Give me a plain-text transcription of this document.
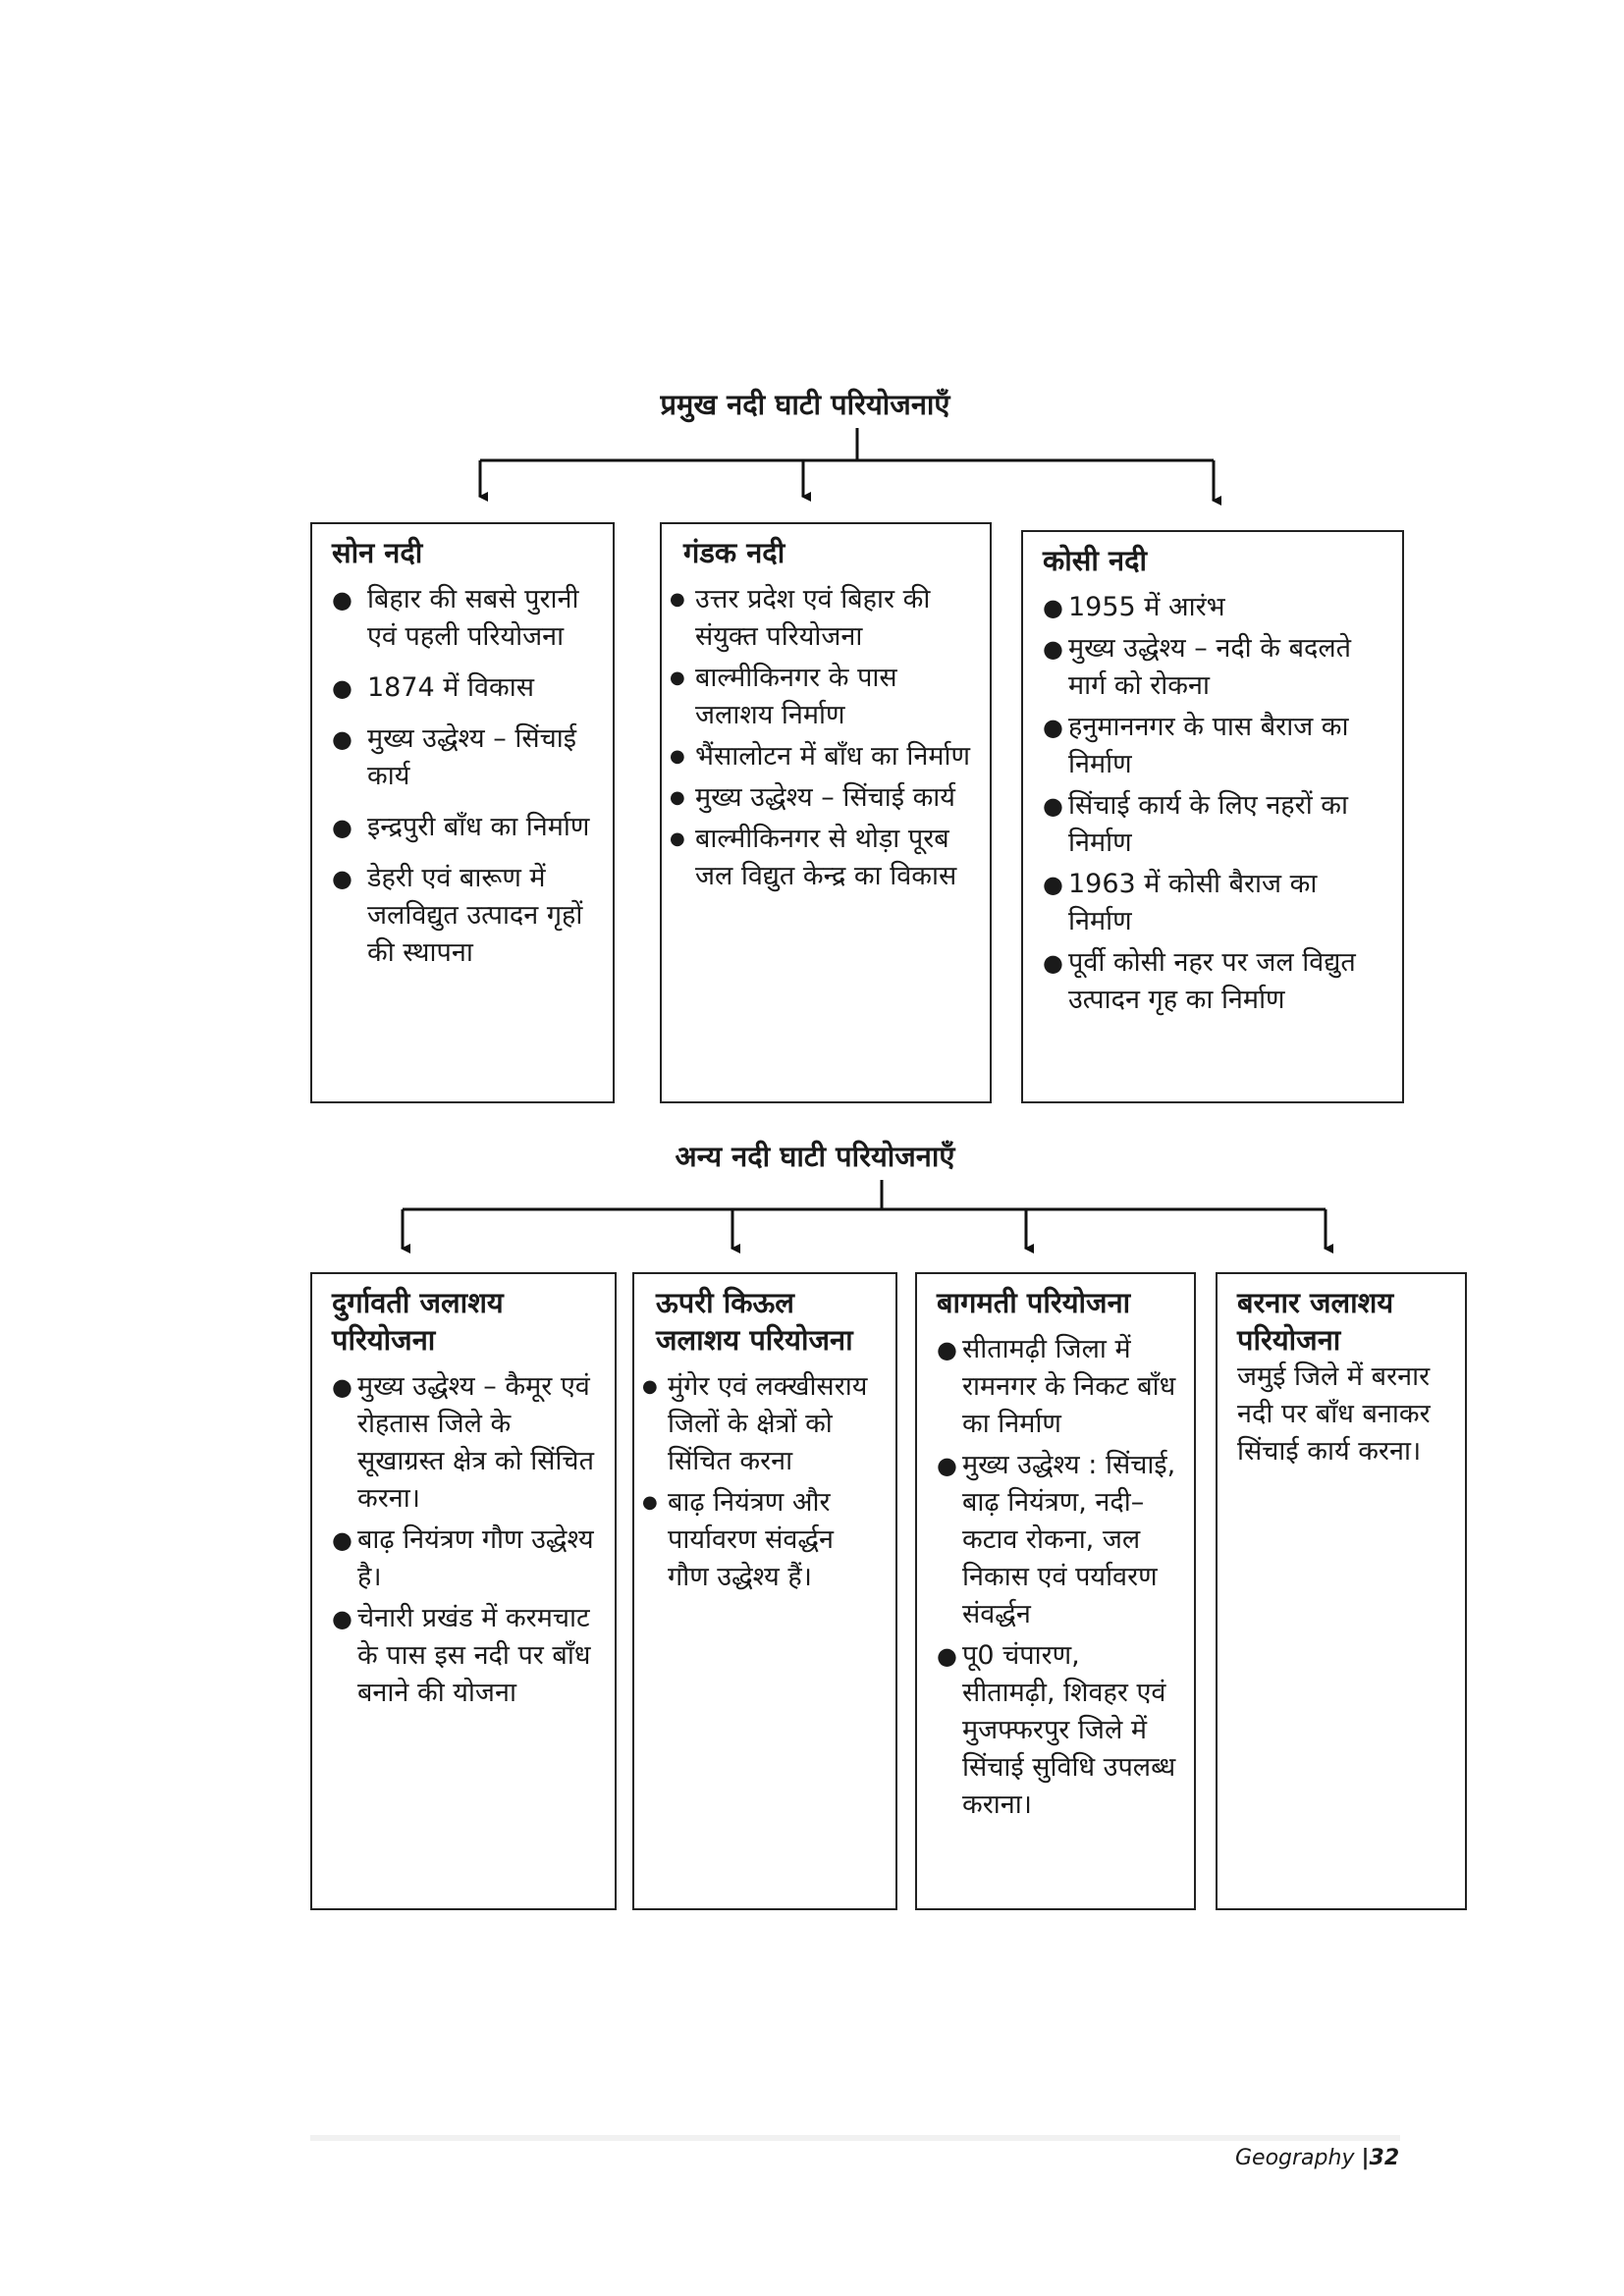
प्रमुख नदी घाटी परियोजनाएँ
अन्य नदी घाटी परियोजनाएँ
सोन नदी
● बिहार की सबसे पुरानी एवं पहली परियोजना
● 1874 में विकास
● मुख्य उद्धेश्य – सिंचाई कार्य
● इन्द्रपुरी बाँध का निर्माण
● डेहरी एवं बारूण में जलविद्युत उत्पादन गृहों की स्थापना
गंडक नदी
● उत्तर प्रदेश एवं बिहार की संयुक्त परियोजना
● बाल्मीकिनगर के पास जलाशय निर्माण
● भैंसालोटन में बाँध का निर्माण
● मुख्य उद्धेश्य – सिंचाई कार्य
● बाल्मीकिनगर से थोड़ा पूरब जल विद्युत केन्द्र का विकास
कोसी नदी
● 1955 में आरंभ
● मुख्य उद्धेश्य – नदी के बदलते मार्ग को रोकना
● हनुमाननगर के पास बैराज का निर्माण
● सिंचाई कार्य के लिए नहरों का निर्माण
● 1963 में कोसी बैराज का निर्माण
● पूर्वी कोसी नहर पर जल विद्युत उत्पादन गृह का निर्माण
दुर्गावती जलाशय परियोजना
● मुख्य उद्धेश्य – कैमूर एवं रोहतास जिले के सूखाग्रस्त क्षेत्र को सिंचित करना।
● बाढ़ नियंत्रण गौण उद्धेश्य है।
● चेनारी प्रखंड में करमचाट के पास इस नदी पर बाँध बनाने की योजना
ऊपरी किऊल जलाशय परियोजना
● मुंगेर एवं लक्खीसराय जिलों के क्षेत्रों को सिंचित करना
● बाढ़ नियंत्रण और पार्यावरण संवर्द्धन गौण उद्धेश्य हैं।
बागमती परियोजना
● सीतामढ़ी जिला में रामनगर के निकट बाँध का निर्माण
● मुख्य उद्धेश्य : सिंचाई, बाढ़ नियंत्रण, नदी–कटाव रोकना, जल निकास एवं पर्यावरण संवर्द्धन
● पू0 चंपारण, सीतामढ़ी, शिवहर एवं मुजफ्फरपुर जिले में सिंचाई सुविधि उपलब्ध कराना।
बरनार जलाशय परियोजना

जमुई जिले में बरनार नदी पर बाँध बनाकर सिंचाई कार्य करना।

Geography |32
